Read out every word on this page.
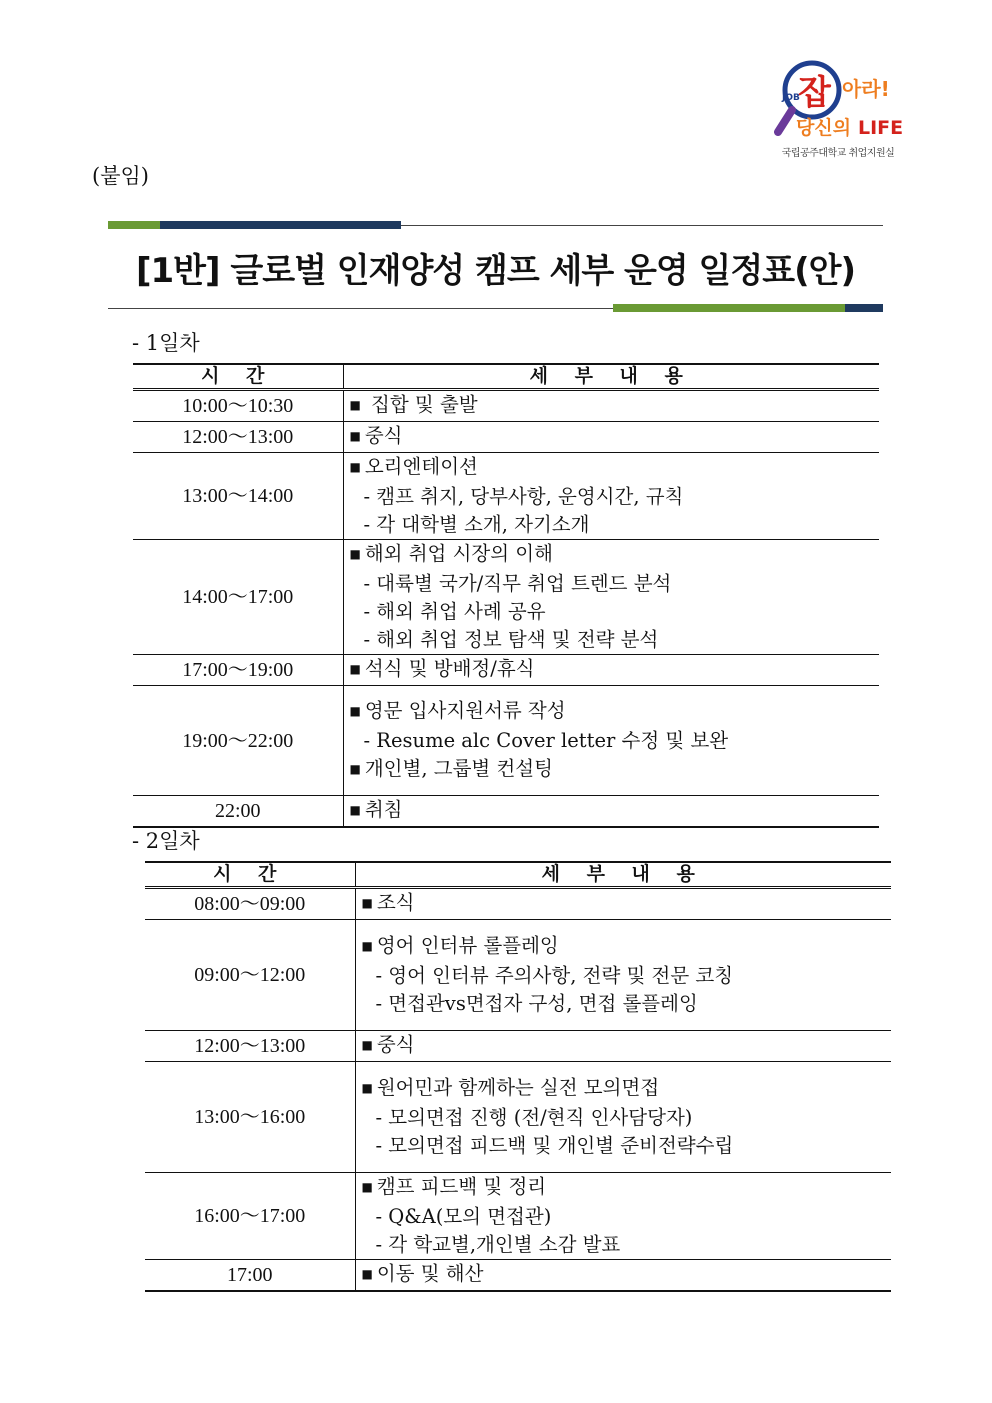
잡
JOB 아라!
당신의 LIFE
국립공주대학교 취업지원실
(붙임)
[1반] 글로벌 인재양성 캠프 세부 운영 일정표(안)
- 1일차
시 간	세 부 내 용
10:00～10:30	■ 집합 및 출발

12:00～13:00	■ 중식

13:00～14:00	■ 오리엔테이션
- 캠프 취지, 당부사항, 운영시간, 규칙
- 각 대학별 소개, 자기소개

14:00～17:00	■ 해외 취업 시장의 이해
- 대륙별 국가/직무 취업 트렌드 분석
- 해외 취업 사례 공유
- 해외 취업 정보 탐색 및 전략 분석

17:00～19:00	■ 석식 및 방배정/휴식

19:00～22:00	■ 영문 입사지원서류 작성
- Resume alc Cover letter 수정 및 보완
■ 개인별, 그룹별 컨설팅

22:00	■ 취침
- 2일차
시 간	세 부 내 용
08:00～09:00	■ 조식

09:00～12:00	■ 영어 인터뷰 롤플레잉
- 영어 인터뷰 주의사항, 전략 및 전문 코칭
- 면접관vs면접자 구성, 면접 롤플레잉

12:00～13:00	■ 중식

13:00～16:00	■ 원어민과 함께하는 실전 모의면접
- 모의면접 진행 (전/현직 인사담당자)
- 모의면접 피드백 및 개인별 준비전략수립

16:00～17:00	■ 캠프 피드백 및 정리
- Q&A(모의 면접관)
- 각 학교별,개인별 소감 발표

17:00	■ 이동 및 해산
